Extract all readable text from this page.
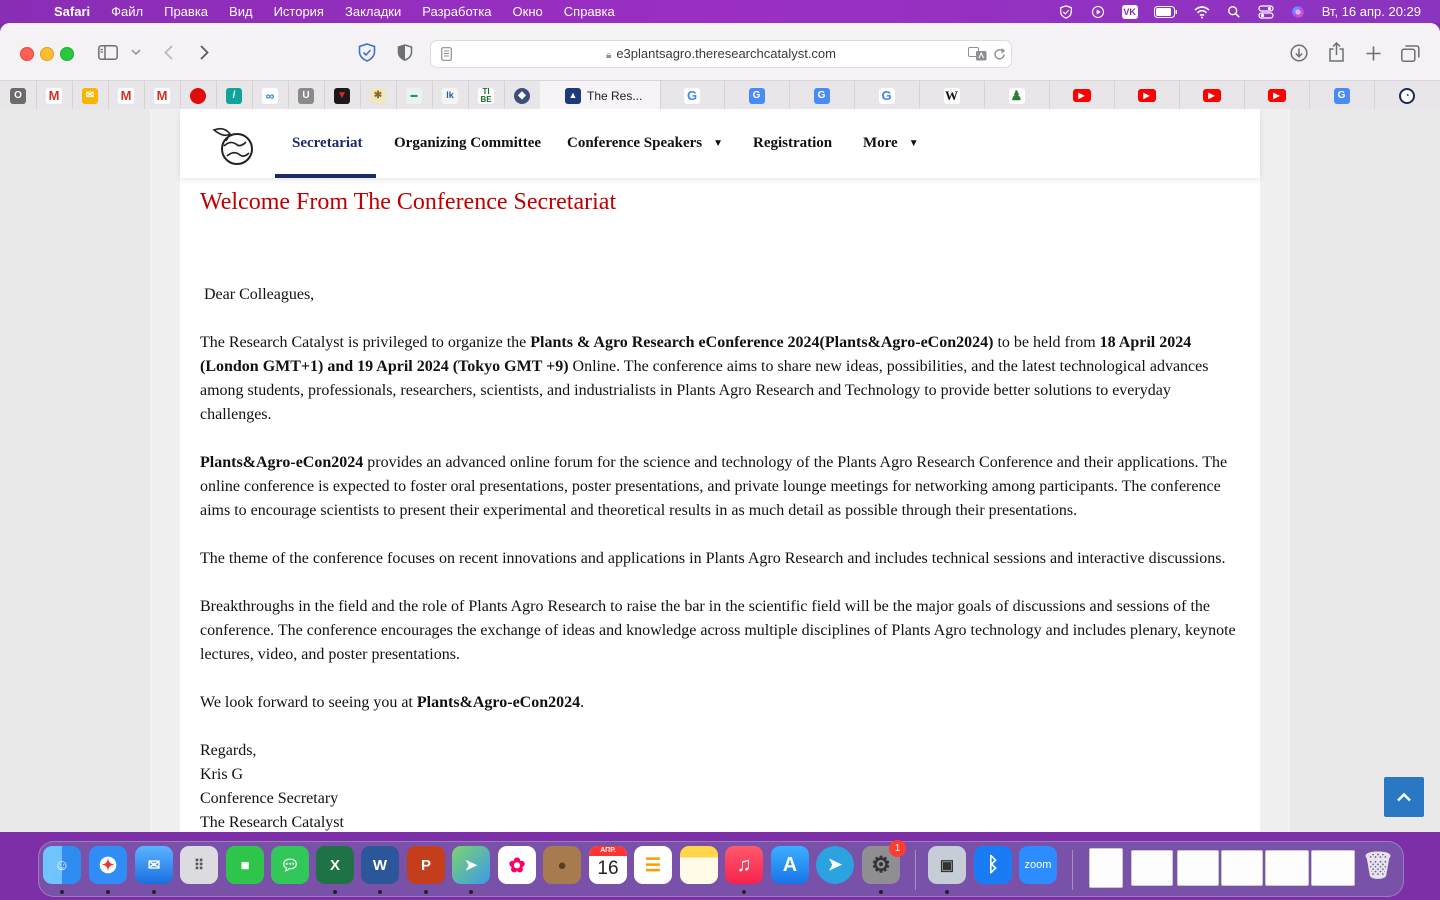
Safari Файл Правка Вид История Закладки Разработка Окно Справка	VK	Вт, 16 апр. 20:29
🔒︎ e3plantsagro.theresearchcatalyst.com
O	M	✉ M M	/	∞	U	▼	✱	▬	lk	TI
BE	◆	▲ The Res...	G	G	G	G	W	♟	▶	▶	▶	▶	G	◔
Secretariat Organizing Committee Conference Speakers ▼ Registration More ▼
Welcome From The Conference Secretariat

Dear Colleagues,

The Research Catalyst is privileged to organize the Plants & Agro Research eConference 2024(Plants&Agro-eCon2024) to be held from 18 April 2024 (London GMT+1) and 19 April 2024 (Tokyo GMT +9) Online. The conference aims to share new ideas, possibilities, and the latest technological advances among students, professionals, researchers, scientists, and industrialists in Plants Agro Research and Technology to provide better solutions to everyday challenges.

Plants&Agro-eCon2024 provides an advanced online forum for the science and technology of the Plants Agro Research Conference and their applications. The online conference is expected to foster oral presentations, poster presentations, and private lounge meetings for networking among participants. The conference aims to encourage scientists to present their experimental and theoretical results in as much detail as possible through their presentations.

The theme of the conference focuses on recent innovations and applications in Plants Agro Research and includes technical sessions and interactive discussions.

Breakthroughs in the field and the role of Plants Agro Research to raise the bar in the scientific field will be the major goals of discussions and sessions of the conference. The conference encourages the exchange of ideas and knowledge across multiple disciplines of Plants Agro technology and includes plenary, keynote lectures, video, and poster presentations.

We look forward to seeing you at Plants&Agro-eCon2024.

Regards,
Kris G
Conference Secretary
The Research Catalyst
☺	✦	✉	⠿	■	💬︎	X	W	P	➤	✿	●
АПР.
16	☰	♫	A	➤	⚙
1
▣	ᛒ	zoom	🗑︎
